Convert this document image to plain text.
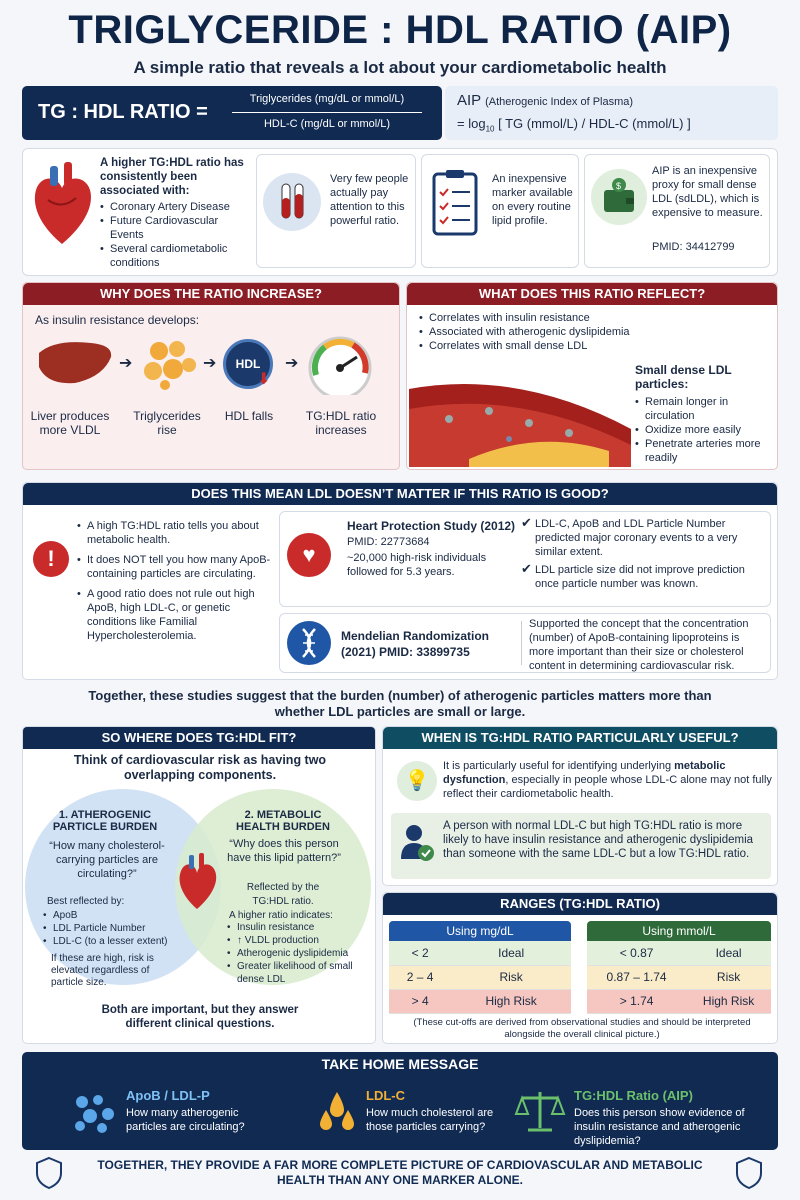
TRIGLYCERIDE : HDL RATIO (AIP)
A simple ratio that reveals a lot about your cardiometabolic health
TG : HDL RATIO =
Triglycerides (mg/dL or mmol/L)
HDL-C (mg/dL or mmol/L)
AIP (Atherogenic Index of Plasma)
= $\log_{10}$ [ TG (mmol/L) / HDL-C (mmol/L) ]
A higher TG:HDL ratio has consistently been associated with:
• Coronary Artery Disease
• Future Cardiovascular Events
• Several cardiometabolic conditions
Very few people actually pay attention to this powerful ratio.
An inexpensive marker available on every routine lipid profile.
$
AIP is an inexpensive proxy for small dense LDL (sdLDL), which is expensive to measure.
PMID: 34412799
WHY DOES THE RATIO INCREASE?
As insulin resistance develops:
➔	➔	HDL
⬇
➔
Liver produces more VLDL
Triglycerides rise
HDL falls	TG:HDL ratio increases
WHAT DOES THIS RATIO REFLECT?
• Correlates with insulin resistance
• Associated with atherogenic dyslipidemia
• Correlates with small dense LDL
Small dense LDL particles:
• Remain longer in circulation
• Oxidize more easily
• Penetrate arteries more readily
DOES THIS MEAN LDL DOESN’T MATTER IF THIS RATIO IS GOOD?
!
• A high TG:HDL ratio tells you about metabolic health.
• It does NOT tell you how many ApoB-containing particles are circulating.
• A good ratio does not rule out high ApoB, high LDL-C, or genetic conditions like Familial Hypercholesterolemia.
♥
Heart Protection Study (2012)
PMID: 22773684
~20,000 high-risk individuals followed for 5.3 years.
✔ LDL-C, ApoB and LDL Particle Number predicted major coronary events to a very similar extent.
✔ LDL particle size did not improve prediction once particle number was known.
Mendelian Randomization
(2021) PMID: 33899735
Supported the concept that the concentration (number) of ApoB-containing lipoproteins is more important than their size or cholesterol content in determining cardiovascular risk.
Together, these studies suggest that the burden (number) of atherogenic particles matters more than whether LDL particles are small or large.
SO WHERE DOES TG:HDL FIT?
Think of cardiovascular risk as having two overlapping components.
1. ATHEROGENIC PARTICLE BURDEN
“How many cholesterol-carrying particles are circulating?”
Best reflected by:
• ApoB
• LDL Particle Number
• LDL-C (to a lesser extent)
If these are high, risk is elevated regardless of particle size.
2. METABOLIC HEALTH BURDEN
“Why does this person have this lipid pattern?”
Reflected by the TG:HDL ratio.
A higher ratio indicates:
• Insulin resistance
• ↑ VLDL production
• Atherogenic dyslipidemia
• Greater likelihood of small dense LDL
Both are important, but they answer different clinical questions.
WHEN IS TG:HDL RATIO PARTICULARLY USEFUL?
💡
It is particularly useful for identifying underlying metabolic dysfunction, especially in people whose LDL-C alone may not fully reflect their cardiometabolic health.
A person with normal LDL-C but high TG:HDL ratio is more likely to have insulin resistance and atherogenic dyslipidemia than someone with the same LDL-C but a low TG:HDL ratio.
RANGES (TG:HDL RATIO)
Using mg/dL
< 2	Ideal
2 – 4	Risk
> 4	High Risk
Using mmol/L
< 0.87	Ideal
0.87 – 1.74	Risk
> 1.74	High Risk
(These cut-offs are derived from observational studies and should be interpreted alongside the overall clinical picture.)
TAKE HOME MESSAGE
ApoB / LDL-P
How many atherogenic particles are circulating?
LDL-C
How much cholesterol are those particles carrying?
TG:HDL Ratio (AIP)
Does this person show evidence of insulin resistance and atherogenic dyslipidemia?
TOGETHER, THEY PROVIDE A FAR MORE COMPLETE PICTURE OF CARDIOVASCULAR AND METABOLIC HEALTH THAN ANY ONE MARKER ALONE.
